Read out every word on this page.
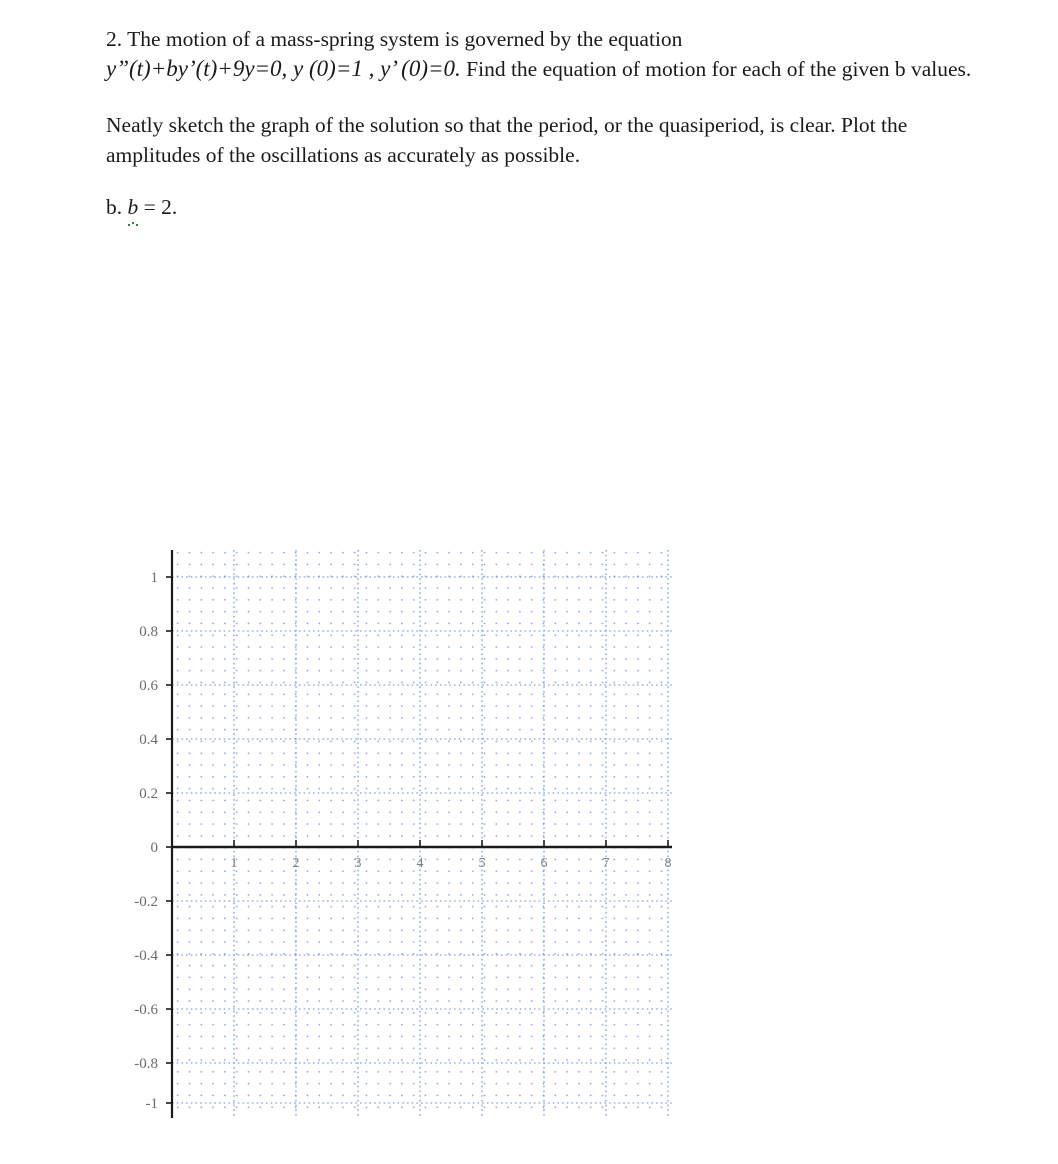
2. The motion of a mass-spring system is governed by the equation
y”(t)+by’(t)+9y=0, y (0)=1 , y’ (0)=0. Find the equation of motion for each of the given b values.

Neatly sketch the graph of the solution so that the period, or the quasiperiod, is clear. Plot the amplitudes of the oscillations as accurately as possible.

b. b = 2.

1
0.8
0.6
0.4
0.2
0
-0.2
-0.4
-0.6
-0.8
-1
1	2	3	4	5	6	7	8
